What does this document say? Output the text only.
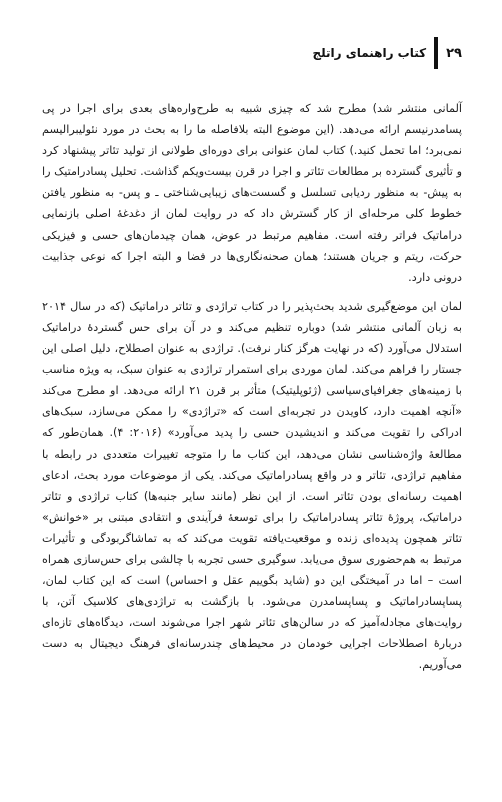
۲۹
کتاب راهنمای راتلج

آلمانی منتشر شد) مطرح شد که چیزی شبیه به طرح‌واره‌های بعدی برای اجرا در پی پسامدرنیسم ارائه می‌دهد. (این موضوع البته بلافاصله ما را به بحث در مورد نئولیبرالیسم نمی‌برد؛ اما تحمل کنید.) کتاب لمان عنوانی برای دوره‌ای طولانی از تولید تئاتر پیشنهاد کرد و تأثیری گسترده بر مطالعات تئاتر و اجرا در قرن بیست‌ویکم گذاشت. تحلیل پسادرامتیک را به پیش- به منظور ردیابی تسلسل و گسست‌های زیبایی‌شناختی ـ و پس- به منظور یافتن خطوط کلی مرحله‌ای از کار گسترش داد که در روایت لمان از دغدغهٔ اصلی بازنمایی دراماتیک فراتر رفته است. مفاهیم مرتبط در عوض، همان چیدمان‌های حسی و فیزیکی حرکت، ریتم و جریان هستند؛ همان صحنه‌نگاری‌ها در فضا و البته اجرا که نوعی جذابیت درونی دارد.

لمان این موضع‌گیری شدید بحث‌پذیر را در کتاب تراژدی و تئاتر دراماتیک (که در سال ۲۰۱۴ به زبان آلمانی منتشر شد) دوباره تنظیم می‌کند و در آن برای حس گستردهٔ دراماتیک استدلال می‌آورد (که در نهایت هرگز کنار نرفت). تراژدی به عنوان اصطلاح، دلیل اصلی این جستار را فراهم می‌کند. لمان موردی برای استمرار تراژدی به عنوان سبک، به ویژه مناسب با زمینه‌های جغرافیای‌سیاسی (ژئوپلیتیک) متأثر بر قرن ۲۱ ارائه می‌دهد. او مطرح می‌کند «آنچه اهمیت دارد، کاویدن در تجربه‌ای است که «تراژدی» را ممکن می‌سازد، سبک‌های ادراکی را تقویت می‌کند و اندیشیدن حسی را پدید می‌آورد» (۲۰۱۶: ۴). همان‌طور که مطالعهٔ واژه‌شناسی نشان می‌دهد، این کتاب ما را متوجه تغییرات متعددی در رابطه با مفاهیم تراژدی، تئاتر و در واقع پسادراماتیک می‌کند. یکی از موضوعات مورد بحث، ادعای اهمیت رسانه‌ای بودن تئاتر است. از این نظر (مانند سایر جنبه‌ها) کتاب تراژدی و تئاتر دراماتیک، پروژهٔ تئاتر پسادراماتیک را برای توسعهٔ فرآیندی و انتقادی مبتنی بر «خوانش» تئاتر همچون پدیده‌ای زنده و موقعیت‌یافته تقویت می‌کند که به تماشاگربودگی و تأثیرات مرتبط به هم‌حضوری سوق می‌یابد. سوگیری حسی تجربه با چالشی برای حس‌سازی همراه است – اما در آمیختگی این دو (شاید بگوییم عقل و احساس) است که این کتاب لمان، پساپسادراماتیک و پساپسامدرن می‌شود. با بازگشت به تراژدی‌های کلاسیک آتن، با روایت‌های مجادله‌آمیز که در سالن‌های تئاتر شهر اجرا می‌شوند است، دیدگاه‌های تازه‌ای دربارهٔ اصطلاحات اجرایی خودمان در محیط‌های چندرسانه‌ای فرهنگ دیجیتال به دست می‌آوریم.
